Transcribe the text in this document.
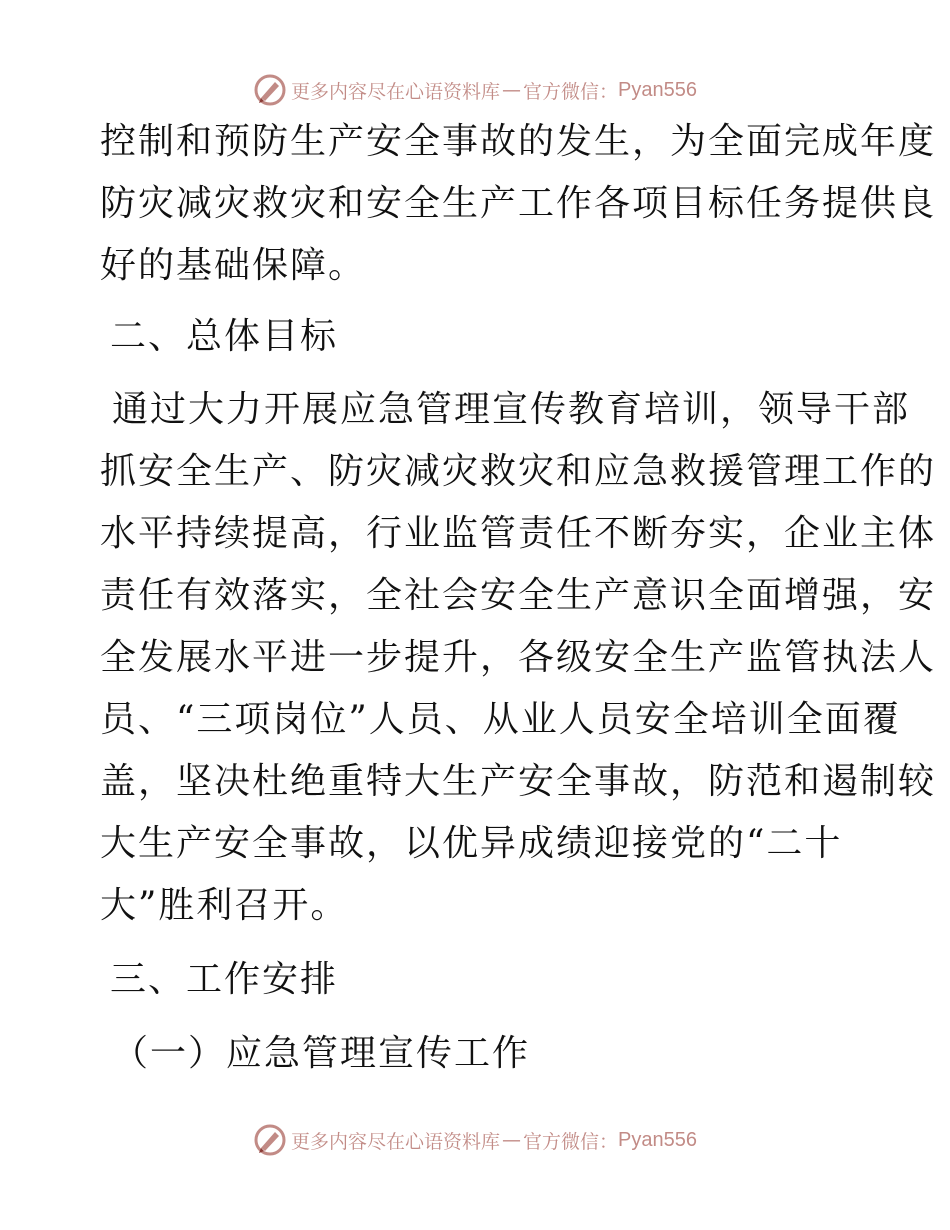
更多内容尽在心语资料库 — 官方微信： Pyan556
控制和预防生产安全事故的发生，为全面完成年度
防灾减灾救灾和安全生产工作各项目标任务提供良
好的基础保障。
二、总体目标
通过大力开展应急管理宣传教育培训，领导干部
抓安全生产、防灾减灾救灾和应急救援管理工作的
水平持续提高，行业监管责任不断夯实，企业主体
责任有效落实，全社会安全生产意识全面增强，安
全发展水平进一步提升，各级安全生产监管执法人
员、“三项岗位”人员、从业人员安全培训全面覆
盖，坚决杜绝重特大生产安全事故，防范和遏制较
大生产安全事故，以优异成绩迎接党的“二十
大”胜利召开。
三、工作安排
（一）应急管理宣传工作
更多内容尽在心语资料库 — 官方微信： Pyan556
